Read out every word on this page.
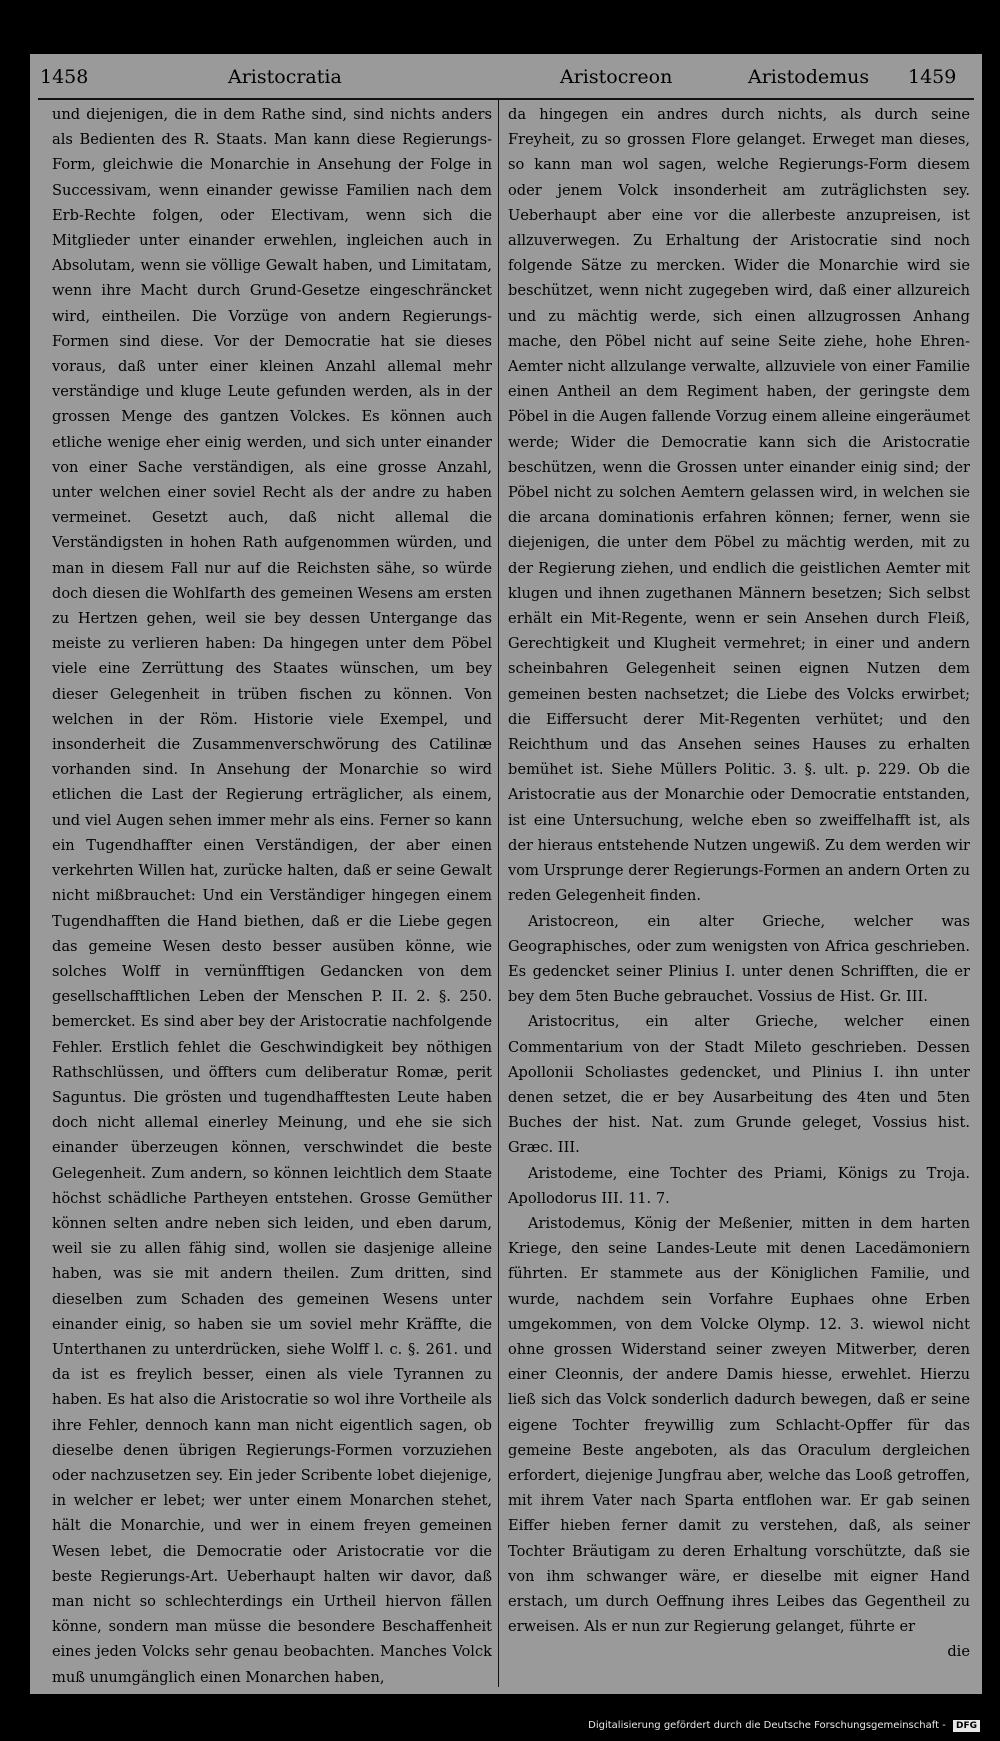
1458	Aristocratia	Aristocreon	Aristodemus 1459

und diejenigen, die in dem Rathe sind, sind nichts anders als Bedienten des R. Staats. Man kann diese Regierungs-Form, gleichwie die Monarchie in Ansehung der Folge in Successivam, wenn einander gewisse Familien nach dem Erb-Rechte folgen, oder Electivam, wenn sich die Mitglieder unter einander erwehlen, ingleichen auch in Absolutam, wenn sie völlige Gewalt haben, und Limitatam, wenn ihre Macht durch Grund-Gesetze eingeschräncket wird, eintheilen. Die Vorzüge von andern Regierungs-Formen sind diese. Vor der Democratie hat sie dieses voraus, daß unter einer kleinen Anzahl allemal mehr verständige und kluge Leute gefunden werden, als in der grossen Menge des gantzen Volckes. Es können auch etliche wenige eher einig werden, und sich unter einander von einer Sache verständigen, als eine grosse Anzahl, unter welchen einer soviel Recht als der andre zu haben vermeinet. Gesetzt auch, daß nicht allemal die Verständigsten in hohen Rath aufgenommen würden, und man in diesem Fall nur auf die Reichsten sähe, so würde doch diesen die Wohlfarth des gemeinen Wesens am ersten zu Hertzen gehen, weil sie bey dessen Untergange das meiste zu verlieren haben: Da hingegen unter dem Pöbel viele eine Zerrüttung des Staates wünschen, um bey dieser Gelegenheit in trüben fischen zu können. Von welchen in der Röm. Historie viele Exempel, und insonderheit die Zusammenverschwörung des Catilinæ vorhanden sind. In Ansehung der Monarchie so wird etlichen die Last der Regierung erträglicher, als einem, und viel Augen sehen immer mehr als eins. Ferner so kann ein Tugendhaffter einen Verständigen, der aber einen verkehrten Willen hat, zurücke halten, daß er seine Gewalt nicht mißbrauchet: Und ein Verständiger hingegen einem Tugendhafften die Hand biethen, daß er die Liebe gegen das gemeine Wesen desto besser ausüben könne, wie solches Wolff in vernünfftigen Gedancken von dem gesellschafftlichen Leben der Menschen P. II. 2. §. 250. bemercket. Es sind aber bey der Aristocratie nachfolgende Fehler. Erstlich fehlet die Geschwindigkeit bey nöthigen Rathschlüssen, und öffters cum deliberatur Romæ, perit Saguntus. Die grösten und tugendhafftesten Leute haben doch nicht allemal einerley Meinung, und ehe sie sich einander überzeugen können, verschwindet die beste Gelegenheit. Zum andern, so können leichtlich dem Staate höchst schädliche Partheyen entstehen. Grosse Gemüther können selten andre neben sich leiden, und eben darum, weil sie zu allen fähig sind, wollen sie dasjenige alleine haben, was sie mit andern theilen. Zum dritten, sind dieselben zum Schaden des gemeinen Wesens unter einander einig, so haben sie um soviel mehr Kräffte, die Unterthanen zu unterdrücken, siehe Wolff l. c. §. 261. und da ist es freylich besser, einen als viele Tyrannen zu haben. Es hat also die Aristocratie so wol ihre Vortheile als ihre Fehler, dennoch kann man nicht eigentlich sagen, ob dieselbe denen übrigen Regierungs-Formen vorzuziehen oder nachzusetzen sey. Ein jeder Scribente lobet diejenige, in welcher er lebet; wer unter einem Monarchen stehet, hält die Monarchie, und wer in einem freyen gemeinen Wesen lebet, die Democratie oder Aristocratie vor die beste Regierungs-Art. Ueberhaupt halten wir davor, daß man nicht so schlechterdings ein Urtheil hiervon fällen könne, sondern man müsse die besondere Beschaffenheit eines jeden Volcks sehr genau beobachten. Manches Volck muß unumgänglich einen Monarchen haben,

da hingegen ein andres durch nichts, als durch seine Freyheit, zu so grossen Flore gelanget. Erweget man dieses, so kann man wol sagen, welche Regierungs-Form diesem oder jenem Volck insonderheit am zuträglichsten sey. Ueberhaupt aber eine vor die allerbeste anzupreisen, ist allzuverwegen. Zu Erhaltung der Aristocratie sind noch folgende Sätze zu mercken. Wider die Monarchie wird sie beschützet, wenn nicht zugegeben wird, daß einer allzureich und zu mächtig werde, sich einen allzugrossen Anhang mache, den Pöbel nicht auf seine Seite ziehe, hohe Ehren-Aemter nicht allzulange verwalte, allzuviele von einer Familie einen Antheil an dem Regiment haben, der geringste dem Pöbel in die Augen fallende Vorzug einem alleine eingeräumet werde; Wider die Democratie kann sich die Aristocratie beschützen, wenn die Grossen unter einander einig sind; der Pöbel nicht zu solchen Aemtern gelassen wird, in welchen sie die arcana dominationis erfahren können; ferner, wenn sie diejenigen, die unter dem Pöbel zu mächtig werden, mit zu der Regierung ziehen, und endlich die geistlichen Aemter mit klugen und ihnen zugethanen Männern besetzen; Sich selbst erhält ein Mit-Regente, wenn er sein Ansehen durch Fleiß, Gerechtigkeit und Klugheit vermehret; in einer und andern scheinbahren Gelegenheit seinen eignen Nutzen dem gemeinen besten nachsetzet; die Liebe des Volcks erwirbet; die Eiffersucht derer Mit-Regenten verhütet; und den Reichthum und das Ansehen seines Hauses zu erhalten bemühet ist. Siehe Müllers Politic. 3. §. ult. p. 229. Ob die Aristocratie aus der Monarchie oder Democratie entstanden, ist eine Untersuchung, welche eben so zweiffelhafft ist, als der hieraus entstehende Nutzen ungewiß. Zu dem werden wir vom Ursprunge derer Regierungs-Formen an andern Orten zu reden Gelegenheit finden.

Aristocreon, ein alter Grieche, welcher was Geographisches, oder zum wenigsten von Africa geschrieben. Es gedencket seiner Plinius I. unter denen Schrifften, die er bey dem 5ten Buche gebrauchet. Vossius de Hist. Gr. III.

Aristocritus, ein alter Grieche, welcher einen Commentarium von der Stadt Mileto geschrieben. Dessen Apollonii Scholiastes gedencket, und Plinius I. ihn unter denen setzet, die er bey Ausarbeitung des 4ten und 5ten Buches der hist. Nat. zum Grunde geleget, Vossius hist. Græc. III.

Aristodeme, eine Tochter des Priami, Königs zu Troja. Apollodorus III. 11. 7.

Aristodemus, König der Meßenier, mitten in dem harten Kriege, den seine Landes-Leute mit denen Lacedämoniern führten. Er stammete aus der Königlichen Familie, und wurde, nachdem sein Vorfahre Euphaes ohne Erben umgekommen, von dem Volcke Olymp. 12. 3. wiewol nicht ohne grossen Widerstand seiner zweyen Mitwerber, deren einer Cleonnis, der andere Damis hiesse, erwehlet. Hierzu ließ sich das Volck sonderlich dadurch bewegen, daß er seine eigene Tochter freywillig zum Schlacht-Opffer für das gemeine Beste angeboten, als das Oraculum dergleichen erfordert, diejenige Jungfrau aber, welche das Looß getroffen, mit ihrem Vater nach Sparta entflohen war. Er gab seinen Eiffer hieben ferner damit zu verstehen, daß, als seiner Tochter Bräutigam zu deren Erhaltung vorschützte, daß sie von ihm schwanger wäre, er dieselbe mit eigner Hand erstach, um durch Oeffnung ihres Leibes das Gegentheil zu erweisen. Als er nun zur Regierung gelanget, führte er

die

Digitalisierung gefördert durch die Deutsche Forschungsgemeinschaft - DFG
